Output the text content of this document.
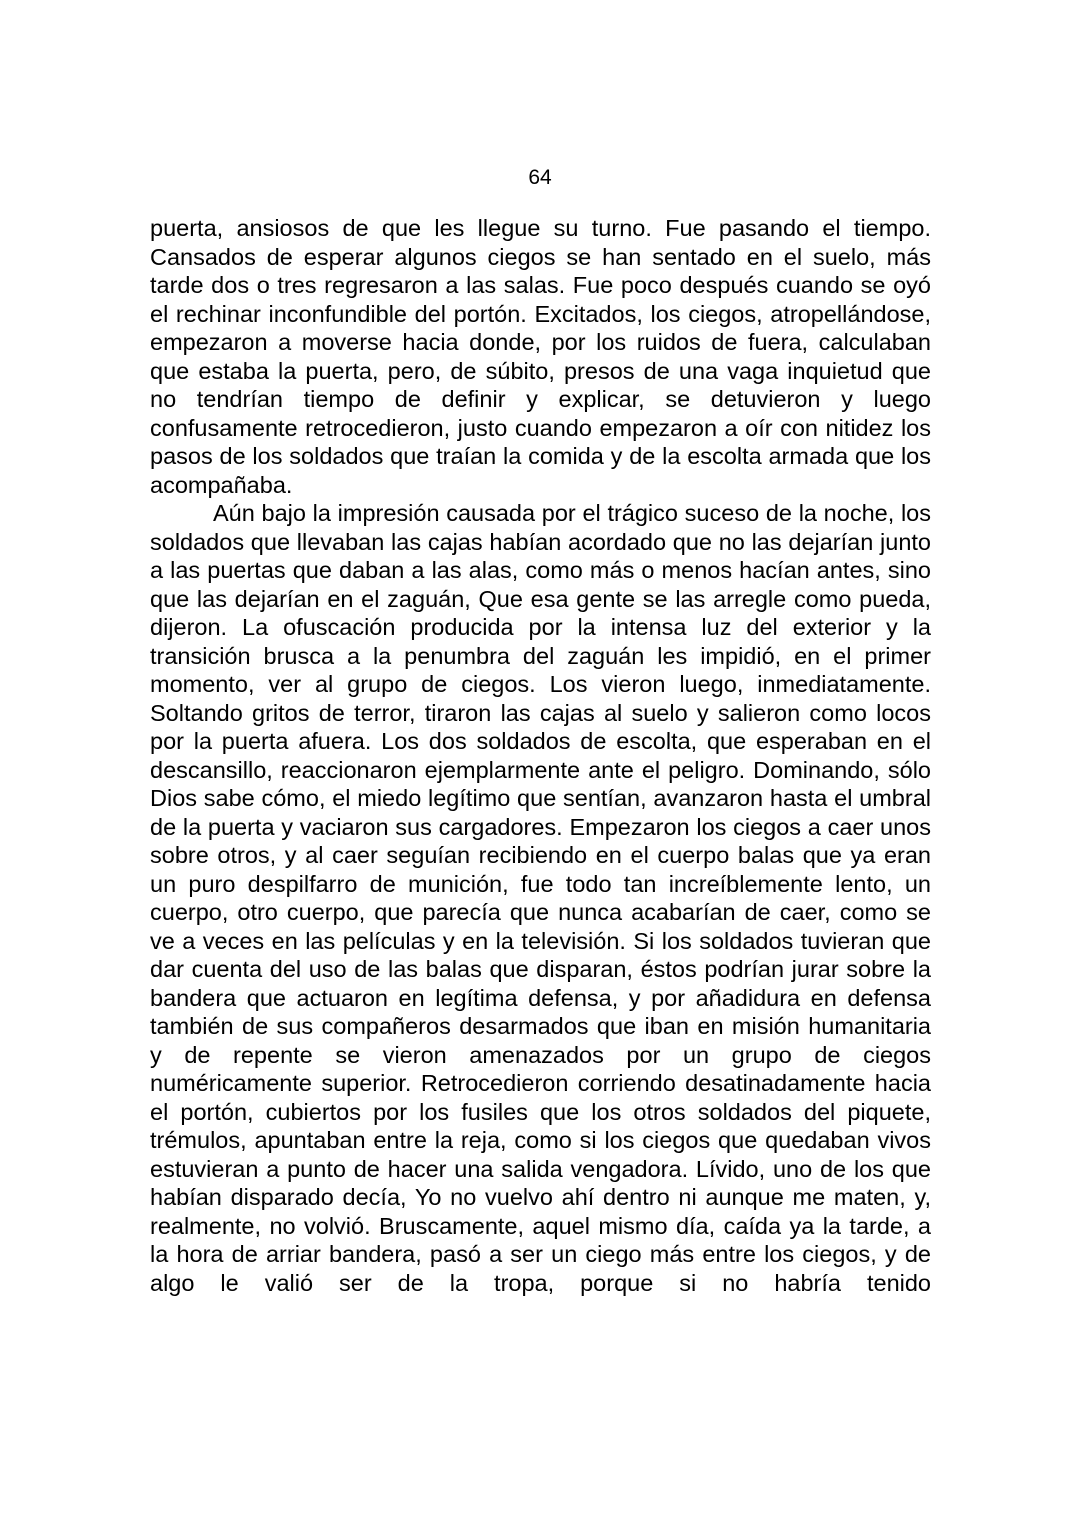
64

puerta, ansiosos de que les llegue su turno. Fue pasando el tiempo. Cansados de esperar algunos ciegos se han sentado en el suelo, más tarde dos o tres regresaron a las salas. Fue poco después cuando se oyó el rechinar inconfundible del portón. Excitados, los ciegos, atropellándose, empezaron a moverse hacia donde, por los ruidos de fuera, calculaban que estaba la puerta, pero, de súbito, presos de una vaga inquietud que no tendrían tiempo de definir y explicar, se detuvieron y luego confusamente retrocedieron, justo cuando empezaron a oír con nitidez los pasos de los soldados que traían la comida y de la escolta armada que los acompañaba.

Aún bajo la impresión causada por el trágico suceso de la noche, los soldados que llevaban las cajas habían acordado que no las dejarían junto a las puertas que daban a las alas, como más o menos hacían antes, sino que las dejarían en el zaguán, Que esa gente se las arregle como pueda, dijeron. La ofuscación producida por la intensa luz del exterior y la transición brusca a la penumbra del zaguán les impidió, en el primer momento, ver al grupo de ciegos. Los vieron luego, inmediatamente. Soltando gritos de terror, tiraron las cajas al suelo y salieron como locos por la puerta afuera. Los dos soldados de escolta, que esperaban en el descansillo, reaccionaron ejemplarmente ante el peligro. Dominando, sólo Dios sabe cómo, el miedo legítimo que sentían, avanzaron hasta el umbral de la puerta y vaciaron sus cargadores. Empezaron los ciegos a caer unos sobre otros, y al caer seguían recibiendo en el cuerpo balas que ya eran un puro despilfarro de munición, fue todo tan increíblemente lento, un cuerpo, otro cuerpo, que parecía que nunca acabarían de caer, como se ve a veces en las películas y en la televisión. Si los soldados tuvieran que dar cuenta del uso de las balas que disparan, éstos podrían jurar sobre la bandera que actuaron en legítima defensa, y por añadidura en defensa también de sus compañeros desarmados que iban en misión humanitaria y de repente se vieron amenazados por un grupo de ciegos numéricamente superior. Retrocedieron corriendo desatinadamente hacia el portón, cubiertos por los fusiles que los otros soldados del piquete, trémulos, apuntaban entre la reja, como si los ciegos que quedaban vivos estuvieran a punto de hacer una salida vengadora. Lívido, uno de los que habían disparado decía, Yo no vuelvo ahí dentro ni aunque me maten, y, realmente, no volvió. Bruscamente, aquel mismo día, caída ya la tarde, a la hora de arriar bandera, pasó a ser un ciego más entre los ciegos, y de algo le valió ser de la tropa, porque si no habría tenido
